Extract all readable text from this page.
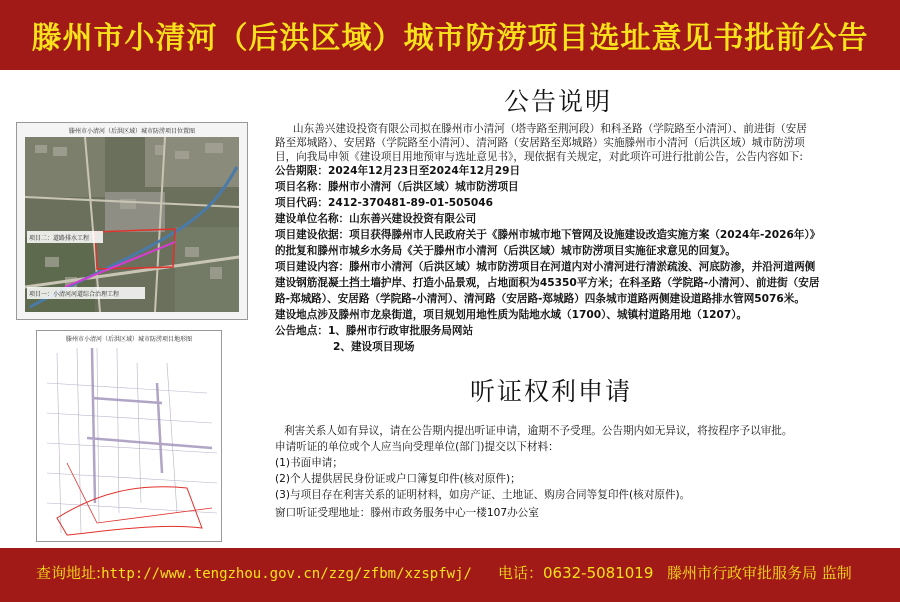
滕州市小清河（后洪区域）城市防涝项目选址意见书批前公告
滕州市小清河（后洪区域）城市防涝项目位置图
项目二：道路排水工程
项目一：小清河河道综合治理工程
滕州市小清河（后洪区域）城市防涝项目地形图
公告说明
山东善兴建设投资有限公司拟在滕州市小清河（塔寺路至荆河段）和科圣路（学院路至小清河）、前进街（安居
路至郑城路）、安居路（学院路至小清河）、清河路（安居路至郑城路）实施滕州市小清河（后洪区域）城市防涝项
目，向我局申领《建设项目用地预审与选址意见书》，现依据有关规定，对此项许可进行批前公告，公告内容如下:
公告期限：2024年12月23日至2024年12月29日
项目名称：滕州市小清河（后洪区域）城市防涝项目
项目代码：2412-370481-89-01-505046
建设单位名称：山东善兴建设投资有限公司
项目建设依据：项目获得滕州市人民政府关于《滕州市城市地下管网及设施建设改造实施方案（2024年-2026年）》
的批复和滕州市城乡水务局《关于滕州市小清河（后洪区域）城市防涝项目实施征求意见的回复》。
项目建设内容：滕州市小清河（后洪区域）城市防涝项目在河道内对小清河进行清淤疏浚、河底防渗，并沿河道两侧
建设钢筋混凝土挡土墙护岸、打造小品景观，占地面积为45350平方米；在科圣路（学院路-小清河）、前进街（安居
路-郑城路）、安居路（学院路-小清河）、清河路（安居路-郑城路）四条城市道路两侧建设道路排水管网5076米。
建设地点涉及滕州市龙泉街道，项目规划用地性质为陆地水域（1700）、城镇村道路用地（1207）。
公告地点：1、滕州市行政审批服务局网站
2、建设项目现场
听证权利申请
利害关系人如有异议，请在公告期内提出听证申请，逾期不予受理。公告期内如无异议，将按程序予以审批。
申请听证的单位或个人应当向受理单位(部门)提交以下材料：
(1)书面申请；
(2)个人提供居民身份证或户口簿复印件(核对原件)；
(3)与项目存在利害关系的证明材料，如房产证、土地证、购房合同等复印件(核对原件)。
窗口听证受理地址：滕州市政务服务中心一楼107办公室
查询地址:http://www.tengzhou.gov.cn/zzg/zfbm/xzspfwj/ 电话：0632-5081019 滕州市行政审批服务局 监制
